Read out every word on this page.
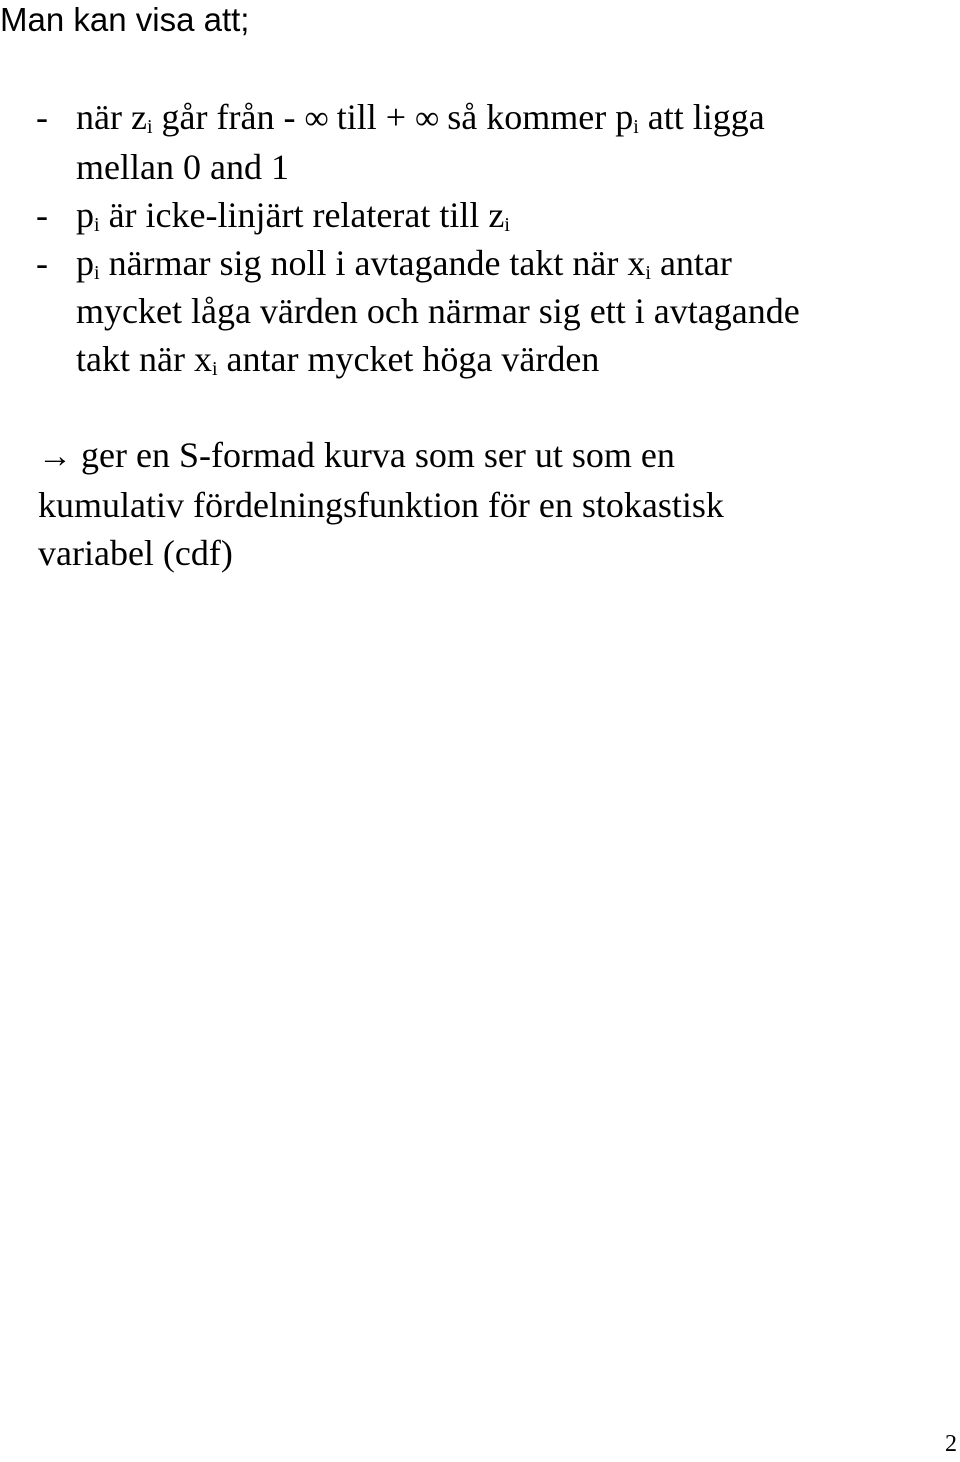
Man kan visa att;
- när $z_i$ går från - ∞ till + ∞ så kommer $p_i$ att ligga
mellan 0 and 1
- $p_i$ är icke-linjärt relaterat till $z_i$
- $p_i$ närmar sig noll i avtagande takt när $x_i$ antar
mycket låga värden och närmar sig ett i avtagande
takt när $x_i$ antar mycket höga värden

→ ger en S-formad kurva som ser ut som en
kumulativ fördelningsfunktion för en stokastisk
variabel (cdf)

2
